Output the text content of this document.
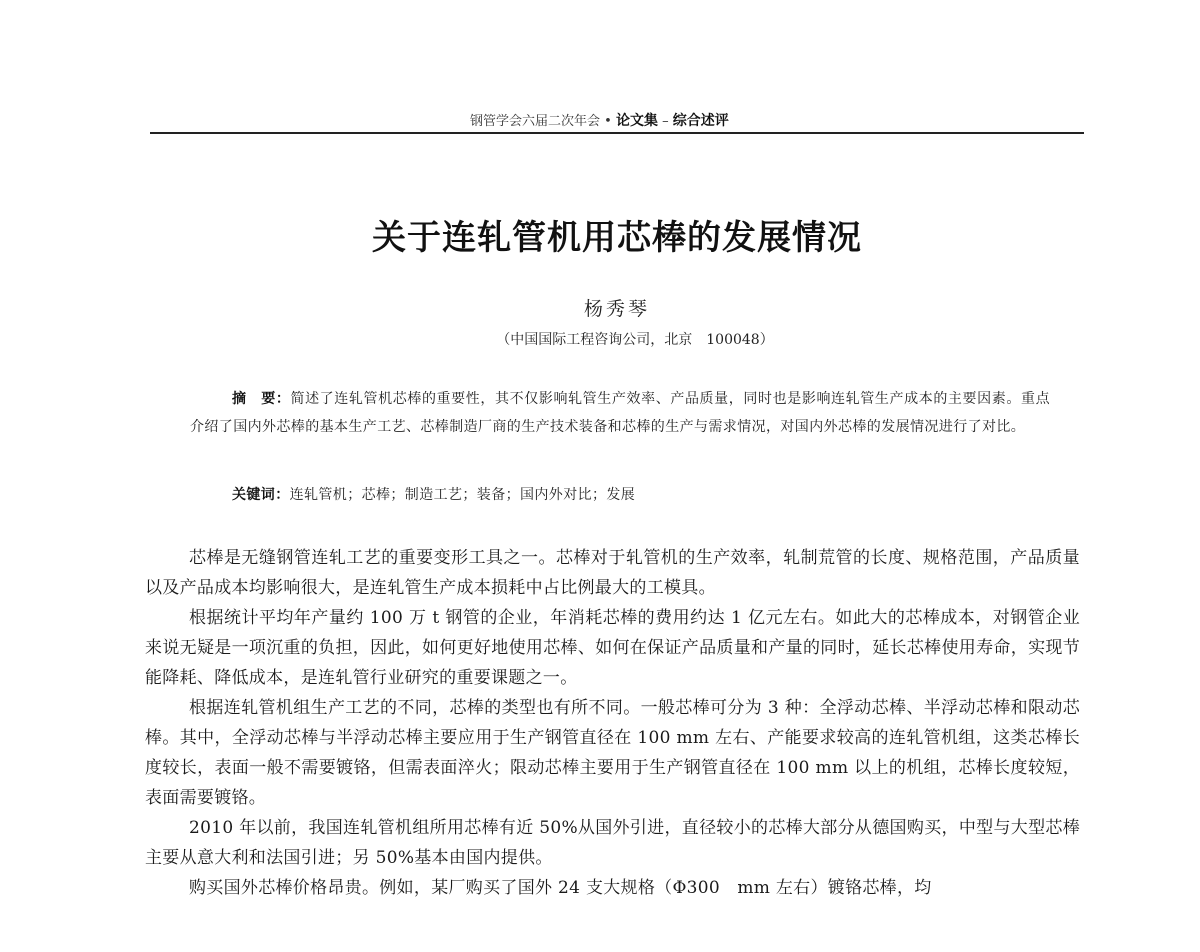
钢管学会六届二次年会 • 论文集 – 综合述评
关于连轧管机用芯棒的发展情况
杨秀琴
（中国国际工程咨询公司，北京　100048）
摘　要：简述了连轧管机芯棒的重要性，其不仅影响轧管生产效率、产品质量，同时也是影响连轧管生产成本的主要因素。重点介绍了国内外芯棒的基本生产工艺、芯棒制造厂商的生产技术装备和芯棒的生产与需求情况，对国内外芯棒的发展情况进行了对比。
关键词：连轧管机；芯棒；制造工艺；装备；国内外对比；发展

芯棒是无缝钢管连轧工艺的重要变形工具之一。芯棒对于轧管机的生产效率，轧制荒管的长度、规格范围，产品质量以及产品成本均影响很大，是连轧管生产成本损耗中占比例最大的工模具。

根据统计平均年产量约 100 万 t 钢管的企业，年消耗芯棒的费用约达 1 亿元左右。如此大的芯棒成本，对钢管企业来说无疑是一项沉重的负担，因此，如何更好地使用芯棒、如何在保证产品质量和产量的同时，延长芯棒使用寿命，实现节能降耗、降低成本，是连轧管行业研究的重要课题之一。

根据连轧管机组生产工艺的不同，芯棒的类型也有所不同。一般芯棒可分为 3 种：全浮动芯棒、半浮动芯棒和限动芯棒。其中，全浮动芯棒与半浮动芯棒主要应用于生产钢管直径在 100 mm 左右、产能要求较高的连轧管机组，这类芯棒长度较长，表面一般不需要镀铬，但需表面淬火；限动芯棒主要用于生产钢管直径在 100 mm 以上的机组，芯棒长度较短，表面需要镀铬。

2010 年以前，我国连轧管机组所用芯棒有近 50%从国外引进，直径较小的芯棒大部分从德国购买，中型与大型芯棒主要从意大利和法国引进；另 50%基本由国内提供。

购买国外芯棒价格昂贵。例如，某厂购买了国外 24 支大规格（Φ300　mm 左右）镀铬芯棒，均
